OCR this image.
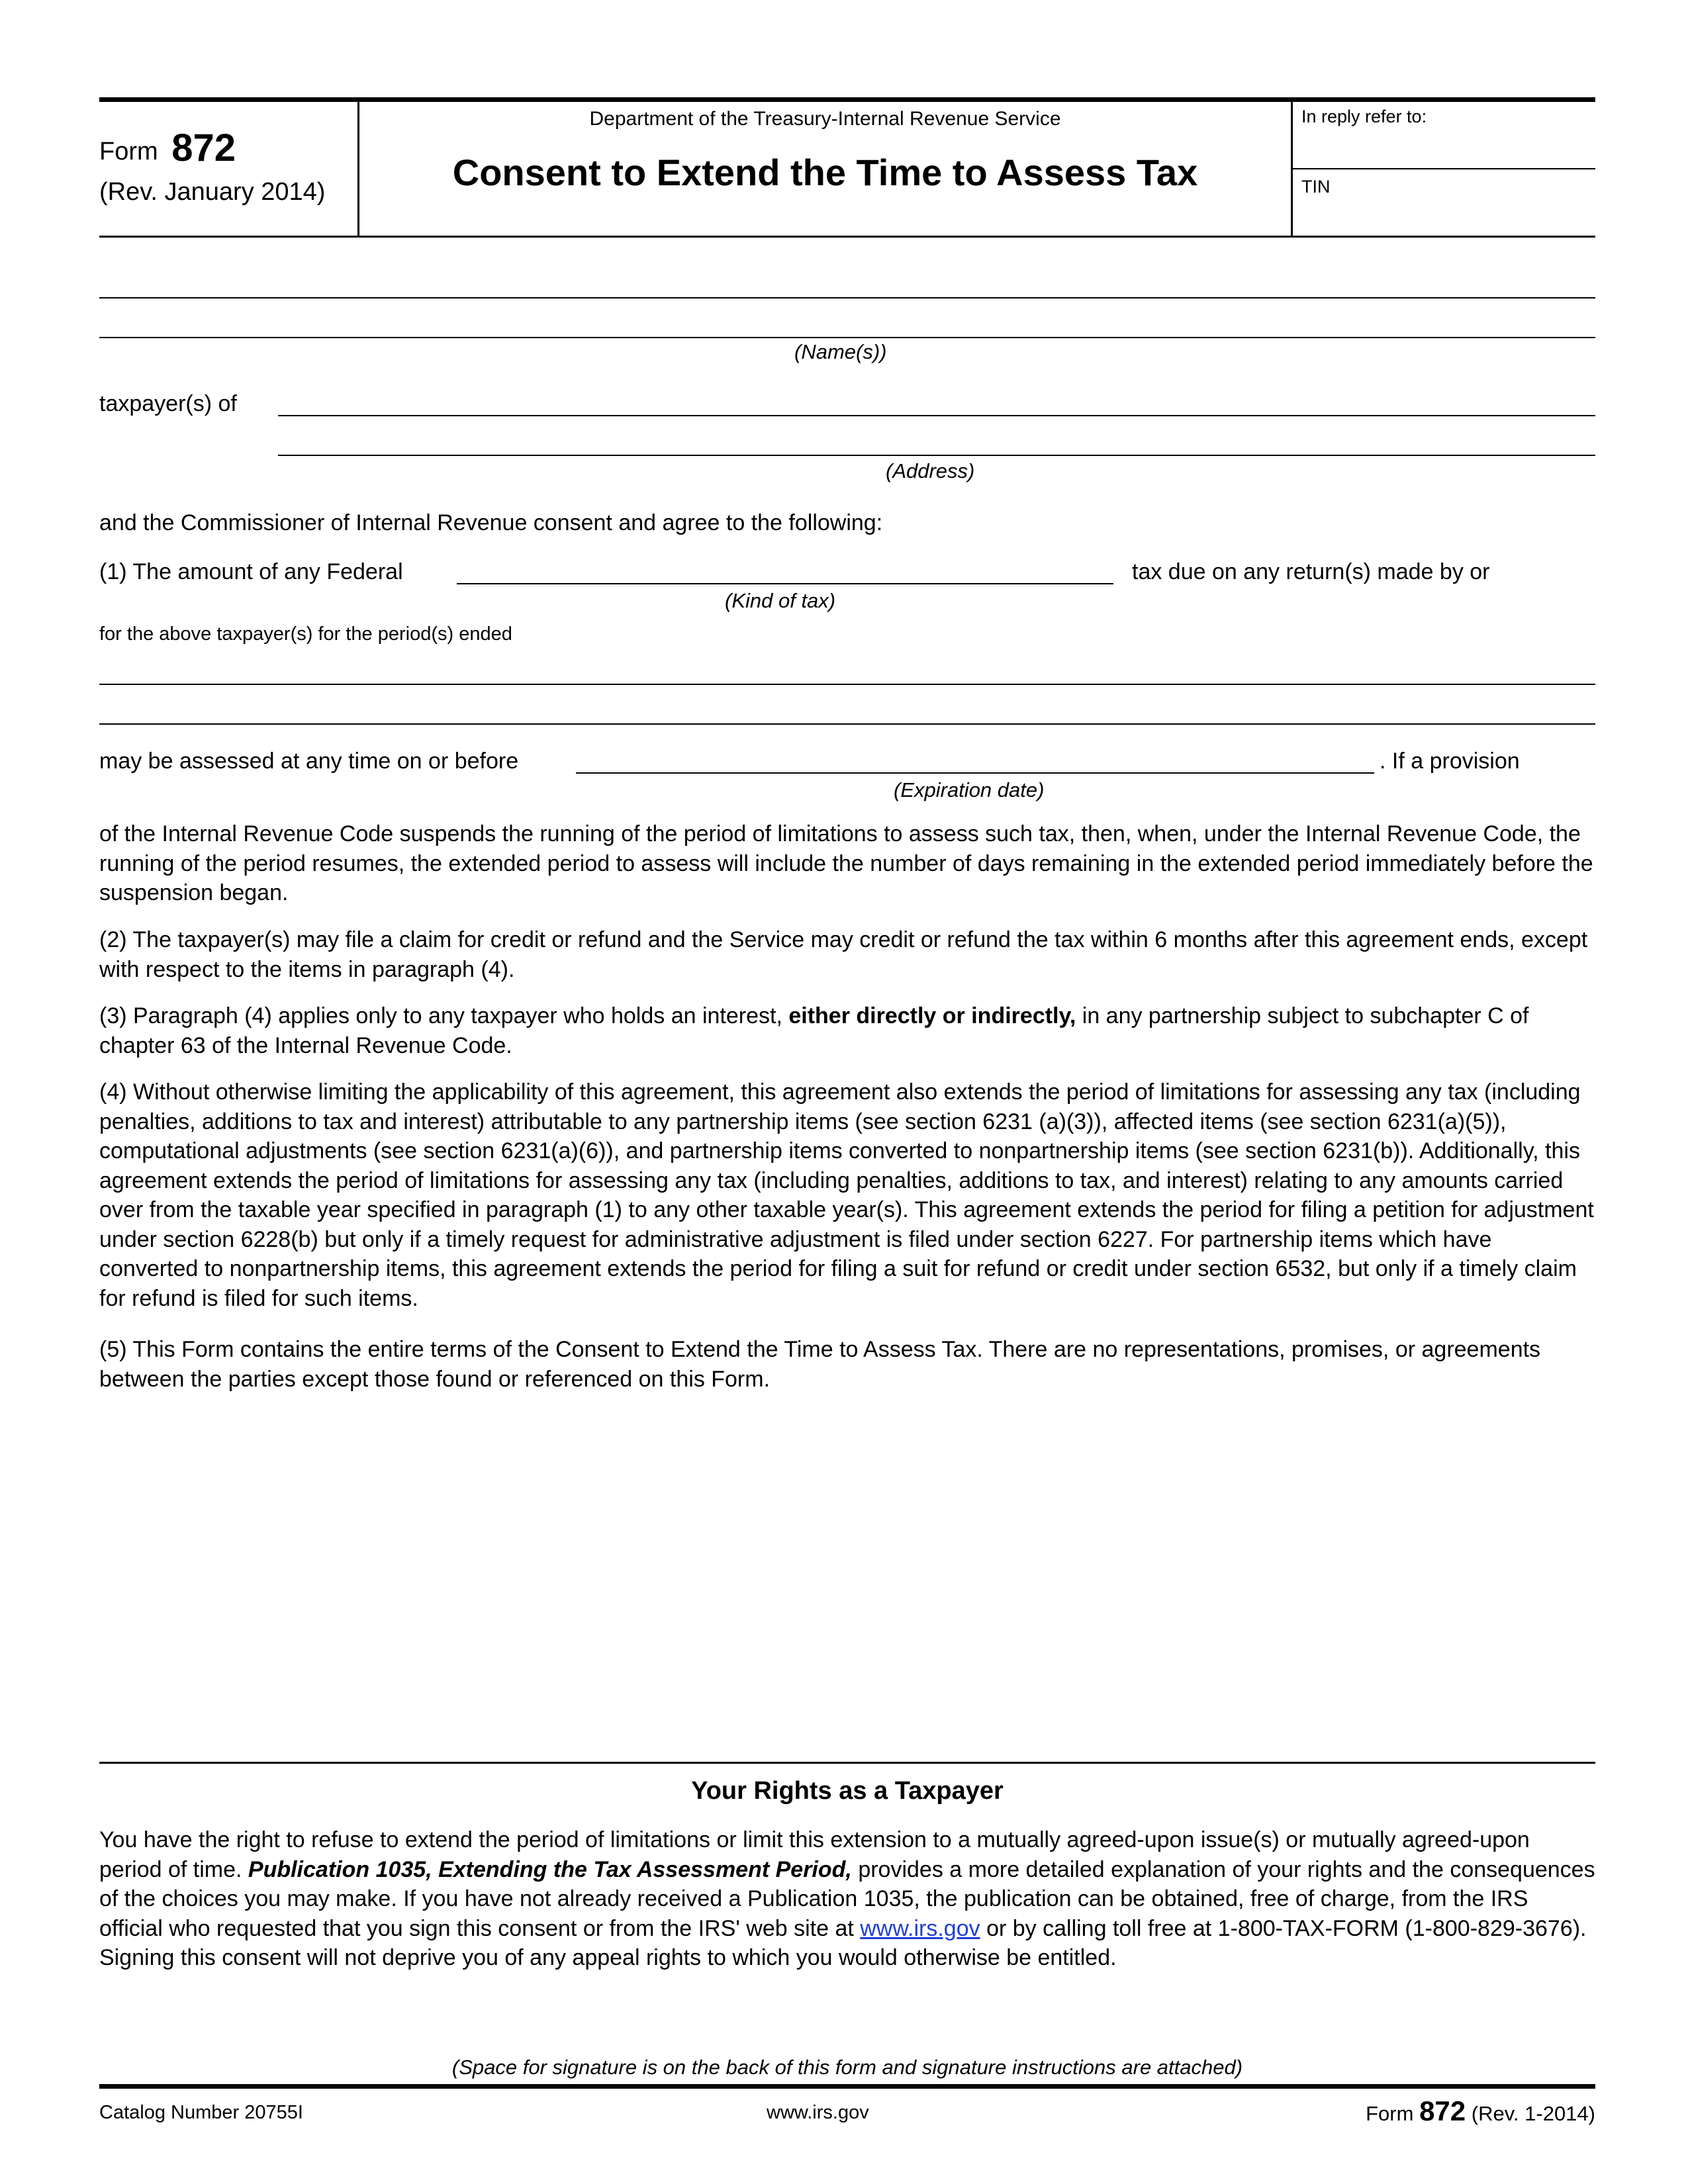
Form 872
(Rev. January 2014)
Department of the Treasury-Internal Revenue Service
Consent to Extend the Time to Assess Tax
In reply refer to:
TIN
(Name(s))
taxpayer(s) of
(Address)
and the Commissioner of Internal Revenue consent and agree to the following:
(1) The amount of any Federal	tax due on any return(s) made by or
(Kind of tax)
for the above taxpayer(s) for the period(s) ended
may be assessed at any time on or before	. If a provision
(Expiration date)
of the Internal Revenue Code suspends the running of the period of limitations to assess such tax, then, when, under the Internal Revenue Code, the running of the period resumes, the extended period to assess will include the number of days remaining in the extended period immediately before the suspension began.
(2) The taxpayer(s) may file a claim for credit or refund and the Service may credit or refund the tax within 6 months after this agreement ends, except with respect to the items in paragraph (4).
(3) Paragraph (4) applies only to any taxpayer who holds an interest, either directly or indirectly, in any partnership subject to subchapter C of chapter 63 of the Internal Revenue Code.
(4) Without otherwise limiting the applicability of this agreement, this agreement also extends the period of limitations for assessing any tax (including penalties, additions to tax and interest) attributable to any partnership items (see section 6231 (a)(3)), affected items (see section 6231(a)(5)), computational adjustments (see section 6231(a)(6)), and partnership items converted to nonpartnership items (see section 6231(b)). Additionally, this agreement extends the period of limitations for assessing any tax (including penalties, additions to tax, and interest) relating to any amounts carried over from the taxable year specified in paragraph (1) to any other taxable year(s). This agreement extends the period for filing a petition for adjustment under section 6228(b) but only if a timely request for administrative adjustment is filed under section 6227. For partnership items which have converted to nonpartnership items, this agreement extends the period for filing a suit for refund or credit under section 6532, but only if a timely claim for refund is filed for such items.
(5) This Form contains the entire terms of the Consent to Extend the Time to Assess Tax. There are no representations, promises, or agreements between the parties except those found or referenced on this Form.
Your Rights as a Taxpayer
You have the right to refuse to extend the period of limitations or limit this extension to a mutually agreed-upon issue(s) or mutually agreed-upon period of time. Publication 1035, Extending the Tax Assessment Period, provides a more detailed explanation of your rights and the consequences of the choices you may make. If you have not already received a Publication 1035, the publication can be obtained, free of charge, from the IRS official who requested that you sign this consent or from the IRS' web site at www.irs.gov or by calling toll free at 1-800-TAX-FORM (1-800-829-3676). Signing this consent will not deprive you of any appeal rights to which you would otherwise be entitled.
(Space for signature is on the back of this form and signature instructions are attached)
Catalog Number 20755I	www.irs.gov	Form 872 (Rev. 1-2014)
